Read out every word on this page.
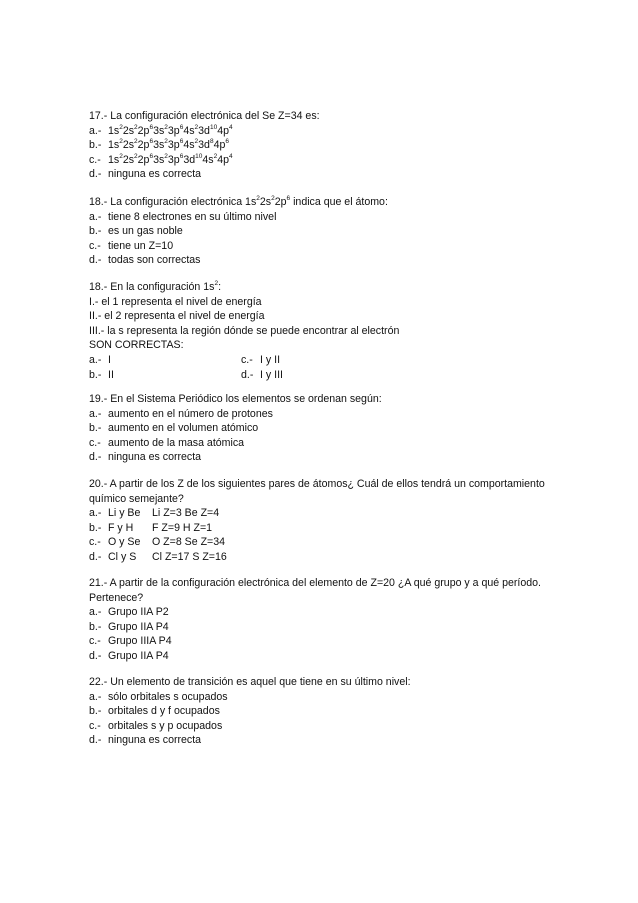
17.- La configuración electrónica del Se Z=34 es:
a.- $1s^22s^22p^63s^23p^64s^23d^{10}4p^4$
b.- $1s^22s^22p^63s^23p^64s^23d^84p^6$
c.- $1s^22s^22p^63s^23p^63d^{10}4s^24p^4$
d.- ninguna es correcta
18.- La configuración electrónica $1s^22s^22p^6$ indica que el átomo:
a.- tiene 8 electrones en su último nivel
b.- es un gas noble
c.- tiene un Z=10
d.- todas son correctas
18.- En la configuración $1s^2$:
I.- el 1 representa el nivel de energía
II.- el 2 representa el nivel de energía
III.- la s representa la región dónde se puede encontrar al electrón
SON CORRECTAS:
a.- I	c.- I y II
b.- II	d.- I y III
19.- En el Sistema Periódico los elementos se ordenan según:
a.- aumento en el número de protones
b.- aumento en el volumen atómico
c.- aumento de la masa atómica
d.- ninguna es correcta
20.- A partir de los Z de los siguientes pares de átomos¿ Cuál de ellos tendrá un comportamiento
químico semejante?
a.- Li y Be Li Z=3 Be Z=4
b.- F y H F Z=9 H Z=1
c.- O y Se O Z=8 Se Z=34
d.- Cl y S Cl Z=17 S Z=16
21.- A partir de la configuración electrónica del elemento de Z=20 ¿A qué grupo y a qué período.
Pertenece?
a.- Grupo IIA P2
b.- Grupo IIA P4
c.- Grupo IIIA P4
d.- Grupo IIA P4
22.- Un elemento de transición es aquel que tiene en su último nivel:
a.- sólo orbitales s ocupados
b.- orbitales d y f ocupados
c.- orbitales s y p ocupados
d.- ninguna es correcta
